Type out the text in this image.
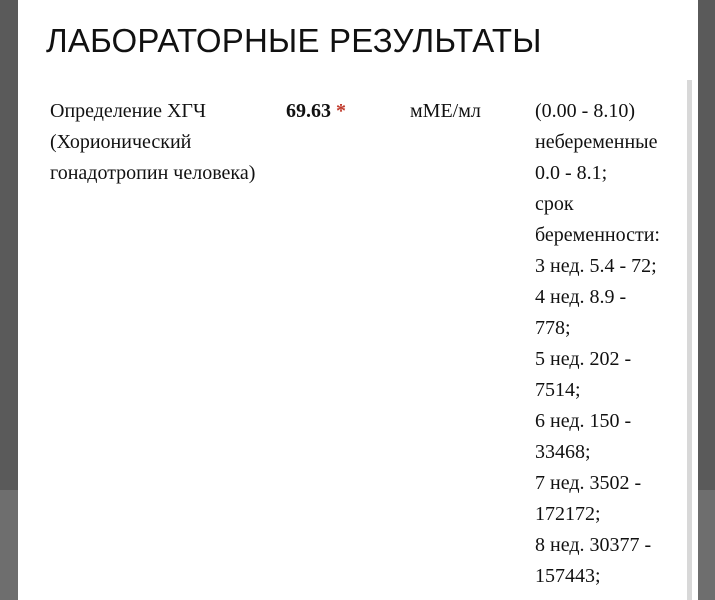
ЛАБОРАТОРНЫЕ РЕЗУЛЬТАТЫ
Определение ХГЧ
(Хорионический
гонадотропин человека)
69.63 *	мМЕ/мл	(0.00 - 8.10)
небеременные
0.0 - 8.1;
срок
беременности:
3 нед. 5.4 - 72;
4 нед. 8.9 -
778;
5 нед. 202 -
7514;
6 нед. 150 -
33468;
7 нед. 3502 -
172172;
8 нед. 30377 -
157443;
